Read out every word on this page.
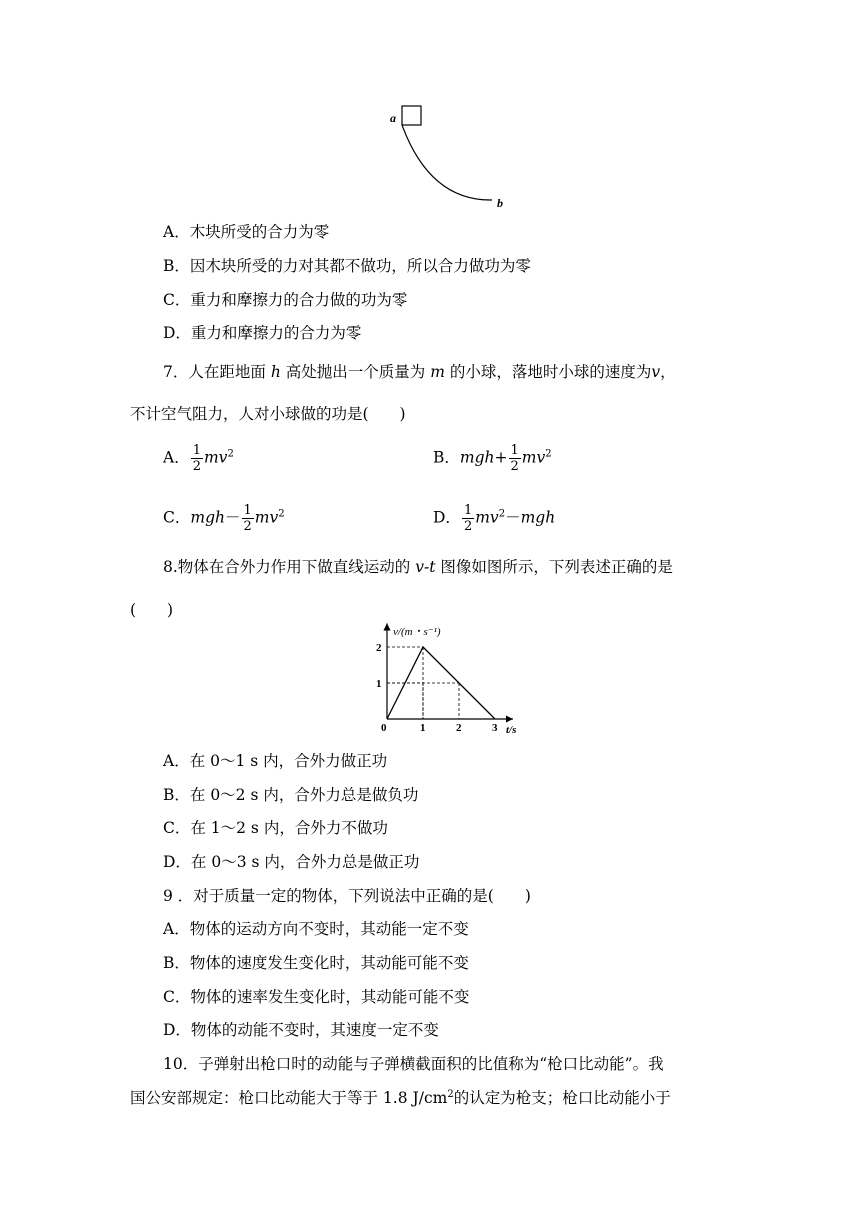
a
b
A．木块所受的合力为零
B．因木块所受的力对其都不做功，所以合力做功为零
C．重力和摩擦力的合力做的功为零
D．重力和摩擦力的合力为零
7．人在距地面 h 高处抛出一个质量为 m 的小球，落地时小球的速度为v，
不计空气阻力，人对小球做的功是(　　)
A． $\frac{1}{2} mv^2$	B．$mgh+ \frac{1}{2} mv^2$
C．$mgh- \frac{1}{2} mv^2$	D． $\frac{1}{2} mv^2-mgh$
8.物体在合外力作用下做直线运动的 v-t 图像如图所示，下列表述正确的是
(　　)
0	1	2	3
1
2
v/(m・s⁻¹)
t/s
A．在 0～1 s 内，合外力做正功
B．在 0～2 s 内，合外力总是做负功
C．在 1～2 s 内，合外力不做功
D．在 0～3 s 内，合外力总是做正功
9 ．对于质量一定的物体，下列说法中正确的是(　　)
A．物体的运动方向不变时，其动能一定不变
B．物体的速度发生变化时，其动能可能不变
C．物体的速率发生变化时，其动能可能不变
D．物体的动能不变时，其速度一定不变
10．子弹射出枪口时的动能与子弹横截面积的比值称为“枪口比动能”。我
国公安部规定：枪口比动能大于等于 1.8 $J/cm^2$的认定为枪支；枪口比动能小于
